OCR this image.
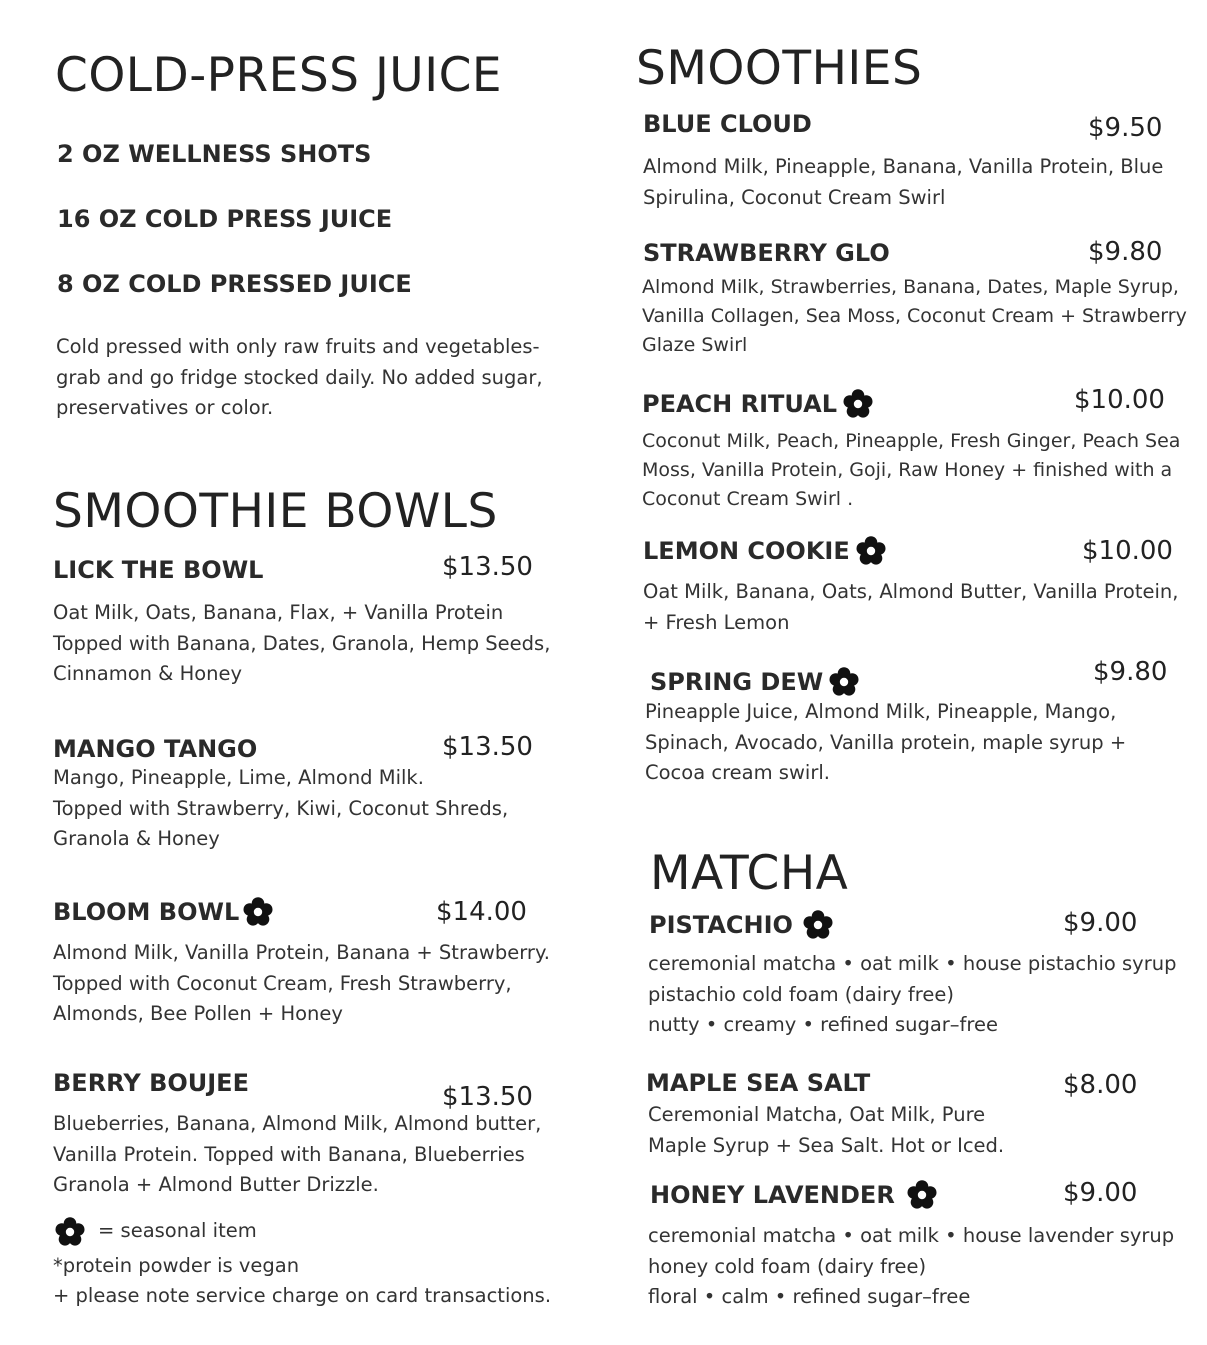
COLD-PRESS JUICE
2 OZ WELLNESS SHOTS
16 OZ COLD PRESS JUICE
8 OZ COLD PRESSED JUICE
Cold pressed with only raw fruits and vegetables-
grab and go fridge stocked daily. No added sugar,
preservatives or color.
SMOOTHIE BOWLS
LICK THE BOWL	$13.50
Oat Milk, Oats, Banana, Flax, + Vanilla Protein
Topped with Banana, Dates, Granola, Hemp Seeds,
Cinnamon & Honey
MANGO TANGO	$13.50
Mango, Pineapple, Lime, Almond Milk.
Topped with Strawberry, Kiwi, Coconut Shreds,
Granola & Honey
BLOOM BOWL	$14.00
Almond Milk, Vanilla Protein, Banana + Strawberry.
Topped with Coconut Cream, Fresh Strawberry,
Almonds, Bee Pollen + Honey
BERRY BOUJEE	$13.50
Blueberries, Banana, Almond Milk, Almond butter,
Vanilla Protein. Topped with Banana, Blueberries
Granola + Almond Butter Drizzle.
= seasonal item
*protein powder is vegan
+ please note service charge on card transactions.
SMOOTHIES
BLUE CLOUD	$9.50
Almond Milk, Pineapple, Banana, Vanilla Protein, Blue
Spirulina, Coconut Cream Swirl
STRAWBERRY GLO	$9.80
Almond Milk, Strawberries, Banana, Dates, Maple Syrup,
Vanilla Collagen, Sea Moss, Coconut Cream + Strawberry
Glaze Swirl
PEACH RITUAL	$10.00
Coconut Milk, Peach, Pineapple, Fresh Ginger, Peach Sea
Moss, Vanilla Protein, Goji, Raw Honey + finished with a
Coconut Cream Swirl .
LEMON COOKIE	$10.00
Oat Milk, Banana, Oats, Almond Butter, Vanilla Protein,
+ Fresh Lemon
SPRING DEW	$9.80
Pineapple Juice, Almond Milk, Pineapple, Mango,
Spinach, Avocado, Vanilla protein, maple syrup +
Cocoa cream swirl.
MATCHA
PISTACHIO	$9.00
ceremonial matcha • oat milk • house pistachio syrup
pistachio cold foam (dairy free)
nutty • creamy • refined sugar–free
MAPLE SEA SALT	$8.00
Ceremonial Matcha, Oat Milk, Pure
Maple Syrup + Sea Salt. Hot or Iced.
HONEY LAVENDER	$9.00
ceremonial matcha • oat milk • house lavender syrup
honey cold foam (dairy free)
floral • calm • refined sugar–free
